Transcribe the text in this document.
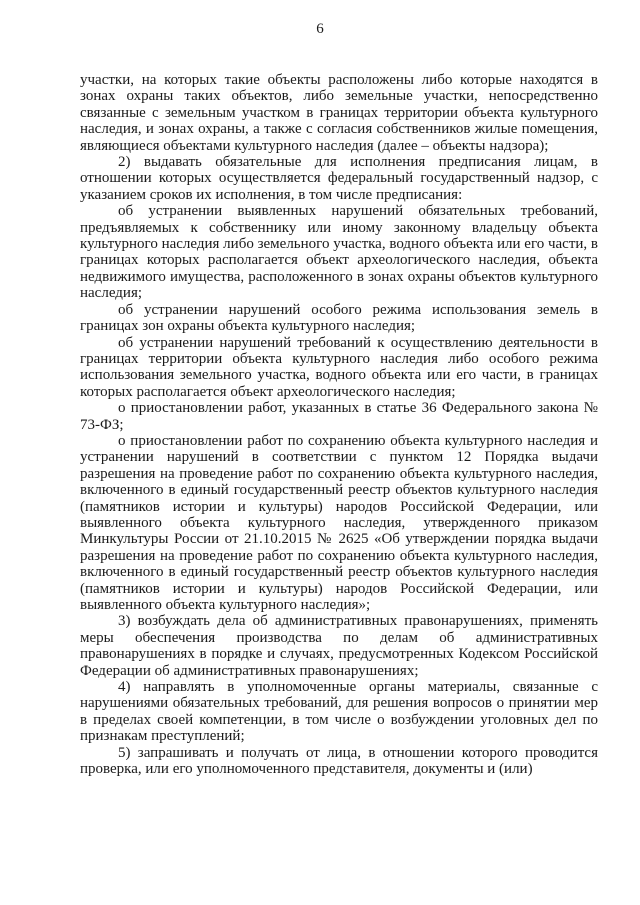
6

участки, на которых такие объекты расположены либо которые находятся в зонах охраны таких объектов, либо земельные участки, непосредственно связанные с земельным участком в границах территории объекта культурного наследия, и зонах охраны, а также с согласия собственников жилые помещения, являющиеся объектами культурного наследия (далее – объекты надзора);

2) выдавать обязательные для исполнения предписания лицам, в отношении которых осуществляется федеральный государственный надзор, с указанием сроков их исполнения, в том числе предписания:

об устранении выявленных нарушений обязательных требований, предъявляемых к собственнику или иному законному владельцу объекта культурного наследия либо земельного участка, водного объекта или его части, в границах которых располагается объект археологического наследия, объекта недвижимого имущества, расположенного в зонах охраны объектов культурного наследия;

об устранении нарушений особого режима использования земель в границах зон охраны объекта культурного наследия;

об устранении нарушений требований к осуществлению деятельности в границах территории объекта культурного наследия либо особого режима использования земельного участка, водного объекта или его части, в границах которых располагается объект археологического наследия;

о приостановлении работ, указанных в статье 36 Федерального закона № 73-ФЗ;

о приостановлении работ по сохранению объекта культурного наследия и устранении нарушений в соответствии с пунктом 12 Порядка выдачи разрешения на проведение работ по сохранению объекта культурного наследия, включенного в единый государственный реестр объектов культурного наследия (памятников истории и культуры) народов Российской Федерации, или выявленного объекта культурного наследия, утвержденного приказом Минкультуры России от 21.10.2015 № 2625 «Об утверждении порядка выдачи разрешения на проведение работ по сохранению объекта культурного наследия, включенного в единый государственный реестр объектов культурного наследия (памятников истории и культуры) народов Российской Федерации, или выявленного объекта культурного наследия»;

3) возбуждать дела об административных правонарушениях, применять меры обеспечения производства по делам об административных правонарушениях в порядке и случаях, предусмотренных Кодексом Российской Федерации об административных правонарушениях;

4) направлять в уполномоченные органы материалы, связанные с нарушениями обязательных требований, для решения вопросов о принятии мер в пределах своей компетенции, в том числе о возбуждении уголовных дел по признакам преступлений;

5) запрашивать и получать от лица, в отношении которого проводится проверка, или его уполномоченного представителя, документы и (или)
